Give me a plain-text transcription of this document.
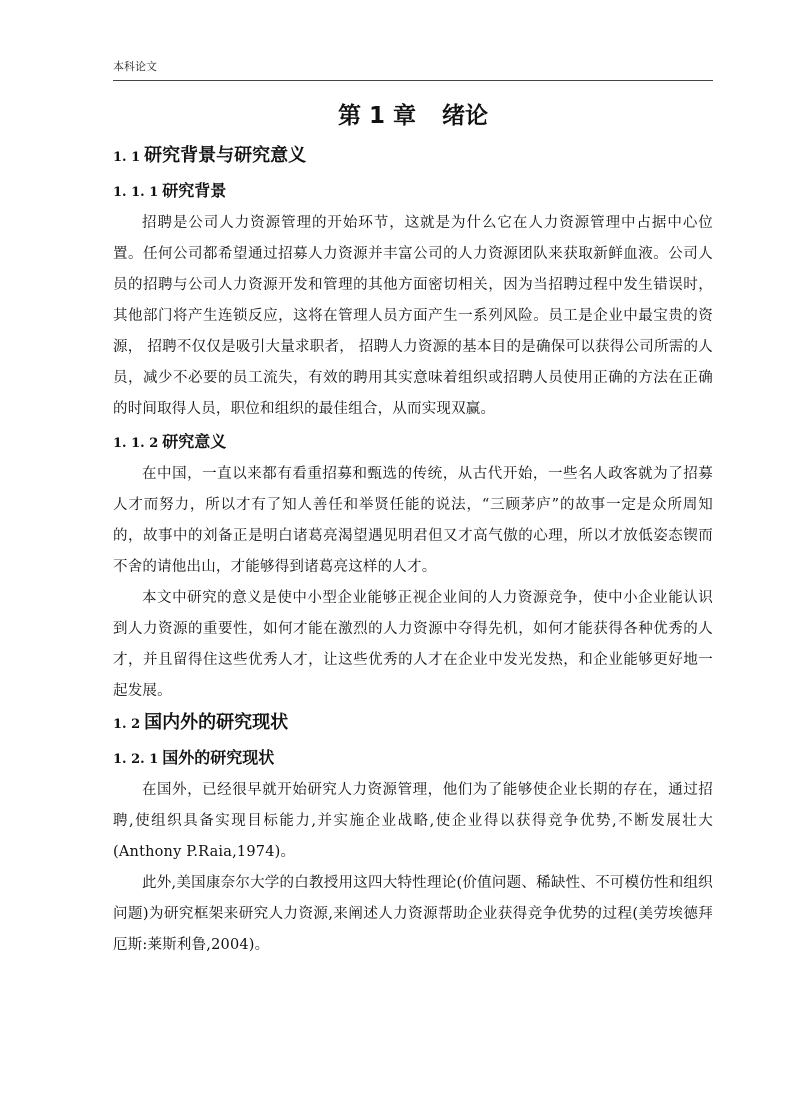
本科论文
第 1 章 绪论
1. 1 研究背景与研究意义
1. 1. 1 研究背景

招聘是公司人力资源管理的开始环节，这就是为什么它在人力资源管理中占据中心位置。任何公司都希望通过招募人力资源并丰富公司的人力资源团队来获取新鲜血液。公司人员的招聘与公司人力资源开发和管理的其他方面密切相关，因为当招聘过程中发生错误时，其他部门将产生连锁反应，这将在管理人员方面产生一系列风险。员工是企业中最宝贵的资源， 招聘不仅仅是吸引大量求职者， 招聘人力资源的基本目的是确保可以获得公司所需的人员，减少不必要的员工流失，有效的聘用其实意味着组织或招聘人员使用正确的方法在正确的时间取得人员，职位和组织的最佳组合，从而实现双赢。

1. 1. 2 研究意义

在中国，一直以来都有看重招募和甄选的传统，从古代开始，一些名人政客就为了招募人才而努力，所以才有了知人善任和举贤任能的说法，“三顾茅庐”的故事一定是众所周知的，故事中的刘备正是明白诸葛亮渴望遇见明君但又才高气傲的心理，所以才放低姿态锲而不舍的请他出山，才能够得到诸葛亮这样的人才。

本文中研究的意义是使中小型企业能够正视企业间的人力资源竞争，使中小企业能认识到人力资源的重要性，如何才能在激烈的人力资源中夺得先机，如何才能获得各种优秀的人才，并且留得住这些优秀人才，让这些优秀的人才在企业中发光发热，和企业能够更好地一起发展。

1. 2 国内外的研究现状
1. 2. 1 国外的研究现状

在国外，已经很早就开始研究人力资源管理，他们为了能够使企业长期的存在，通过招聘,使组织具备实现目标能力,并实施企业战略,使企业得以获得竞争优势,不断发展壮大(Anthony P.Raia,1974)。

此外,美国康奈尔大学的白教授用这四大特性理论(价值问题、稀缺性、不可模仿性和组织问题)为研究框架来研究人力资源,来阐述人力资源帮助企业获得竞争优势的过程(美劳埃德拜厄斯:莱斯利鲁,2004)。
